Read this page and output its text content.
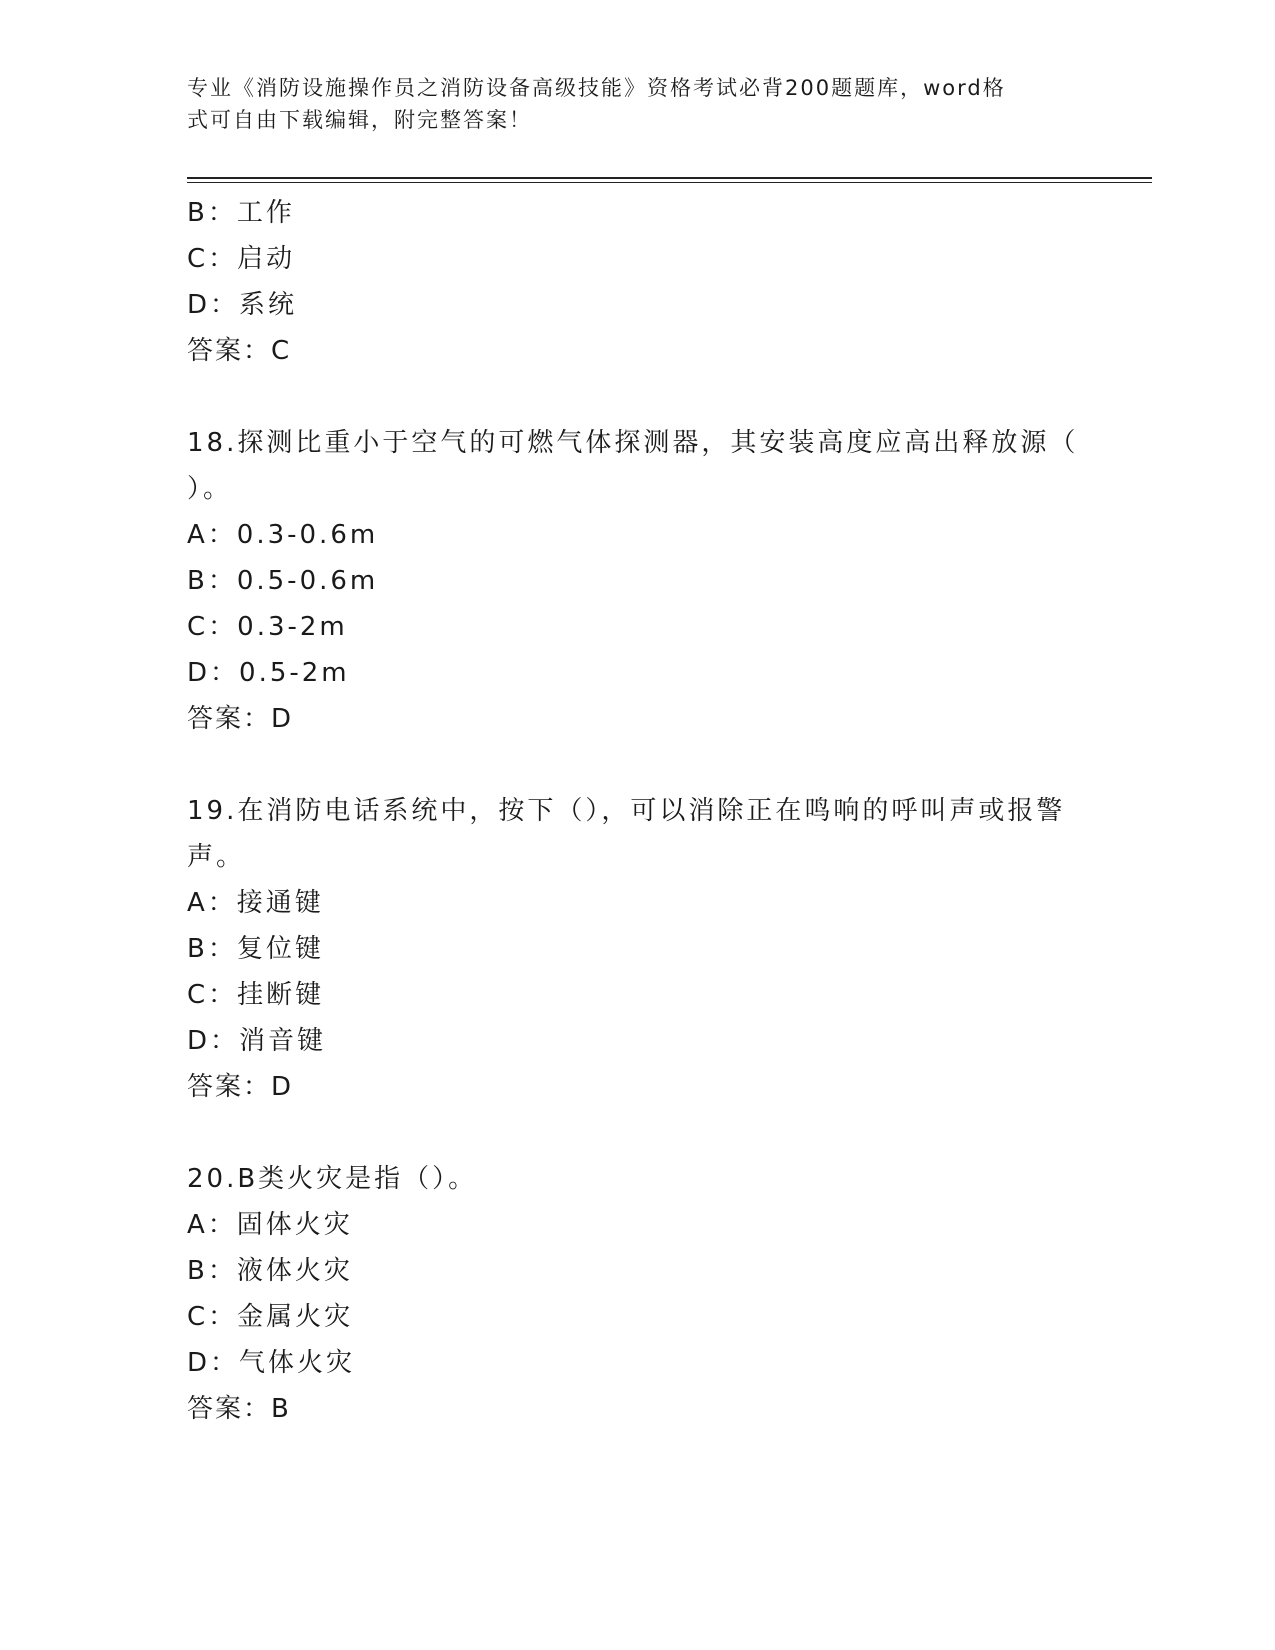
专业《消防设施操作员之消防设备高级技能》资格考试必背200题题库，word格
式可自由下载编辑，附完整答案！
B：工作
C：启动
D：系统
答案：C
18.探测比重小于空气的可燃气体探测器，其安装高度应高出释放源（
）。
A：0.3-0.6m
B：0.5-0.6m
C：0.3-2m
D：0.5-2m
答案：D
19.在消防电话系统中，按下（），可以消除正在鸣响的呼叫声或报警
声。
A：接通键
B：复位键
C：挂断键
D：消音键
答案：D
20.B类火灾是指（）。
A：固体火灾
B：液体火灾
C：金属火灾
D：气体火灾
答案：B
